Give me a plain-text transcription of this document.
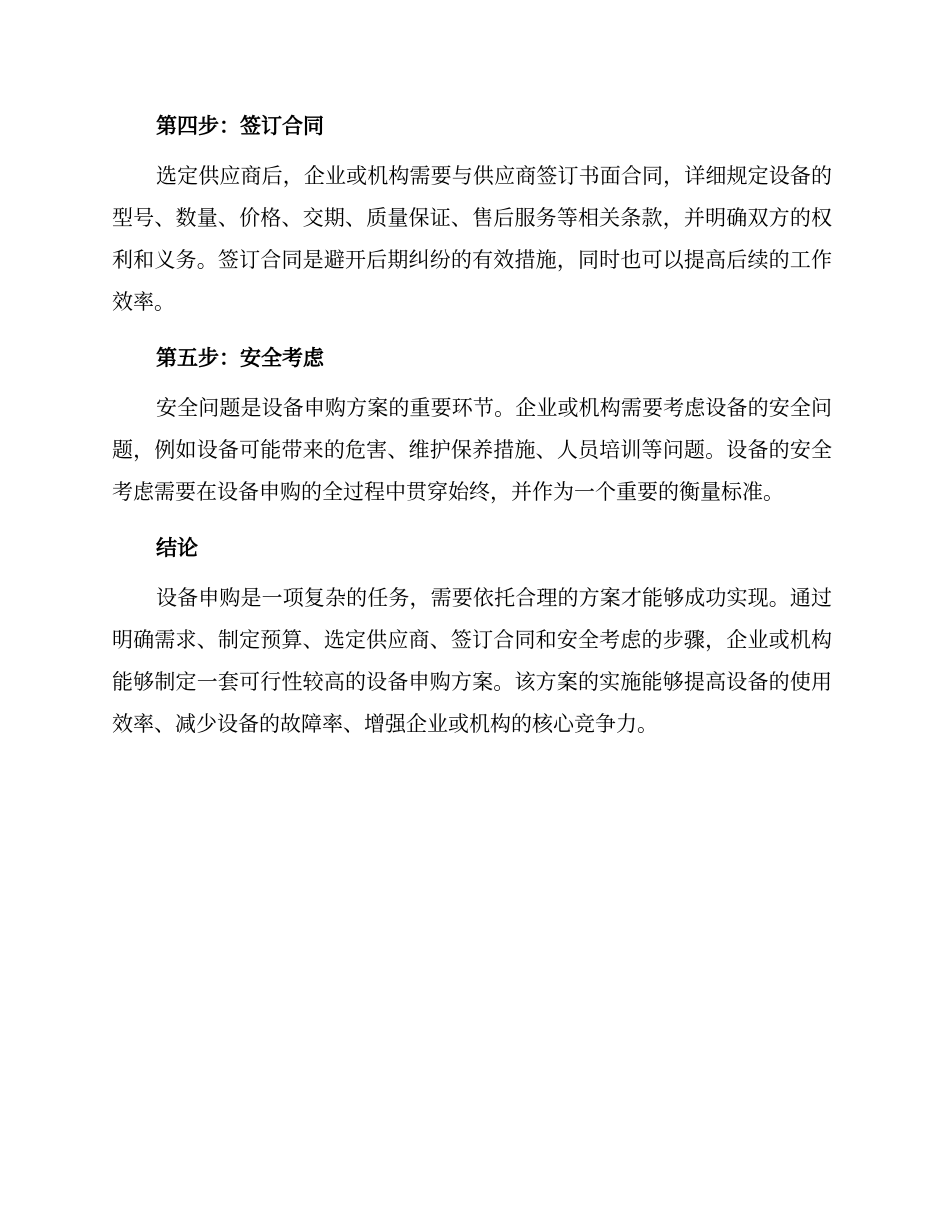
第四步：签订合同

选定供应商后，企业或机构需要与供应商签订书面合同，详细规定设备的型号、数量、价格、交期、质量保证、售后服务等相关条款，并明确双方的权利和义务。签订合同是避开后期纠纷的有效措施，同时也可以提高后续的工作效率。

第五步：安全考虑

安全问题是设备申购方案的重要环节。企业或机构需要考虑设备的安全问题，例如设备可能带来的危害、维护保养措施、人员培训等问题。设备的安全考虑需要在设备申购的全过程中贯穿始终，并作为一个重要的衡量标准。

结论

设备申购是一项复杂的任务，需要依托合理的方案才能够成功实现。通过明确需求、制定预算、选定供应商、签订合同和安全考虑的步骤，企业或机构能够制定一套可行性较高的设备申购方案。该方案的实施能够提高设备的使用效率、减少设备的故障率、增强企业或机构的核心竞争力。
